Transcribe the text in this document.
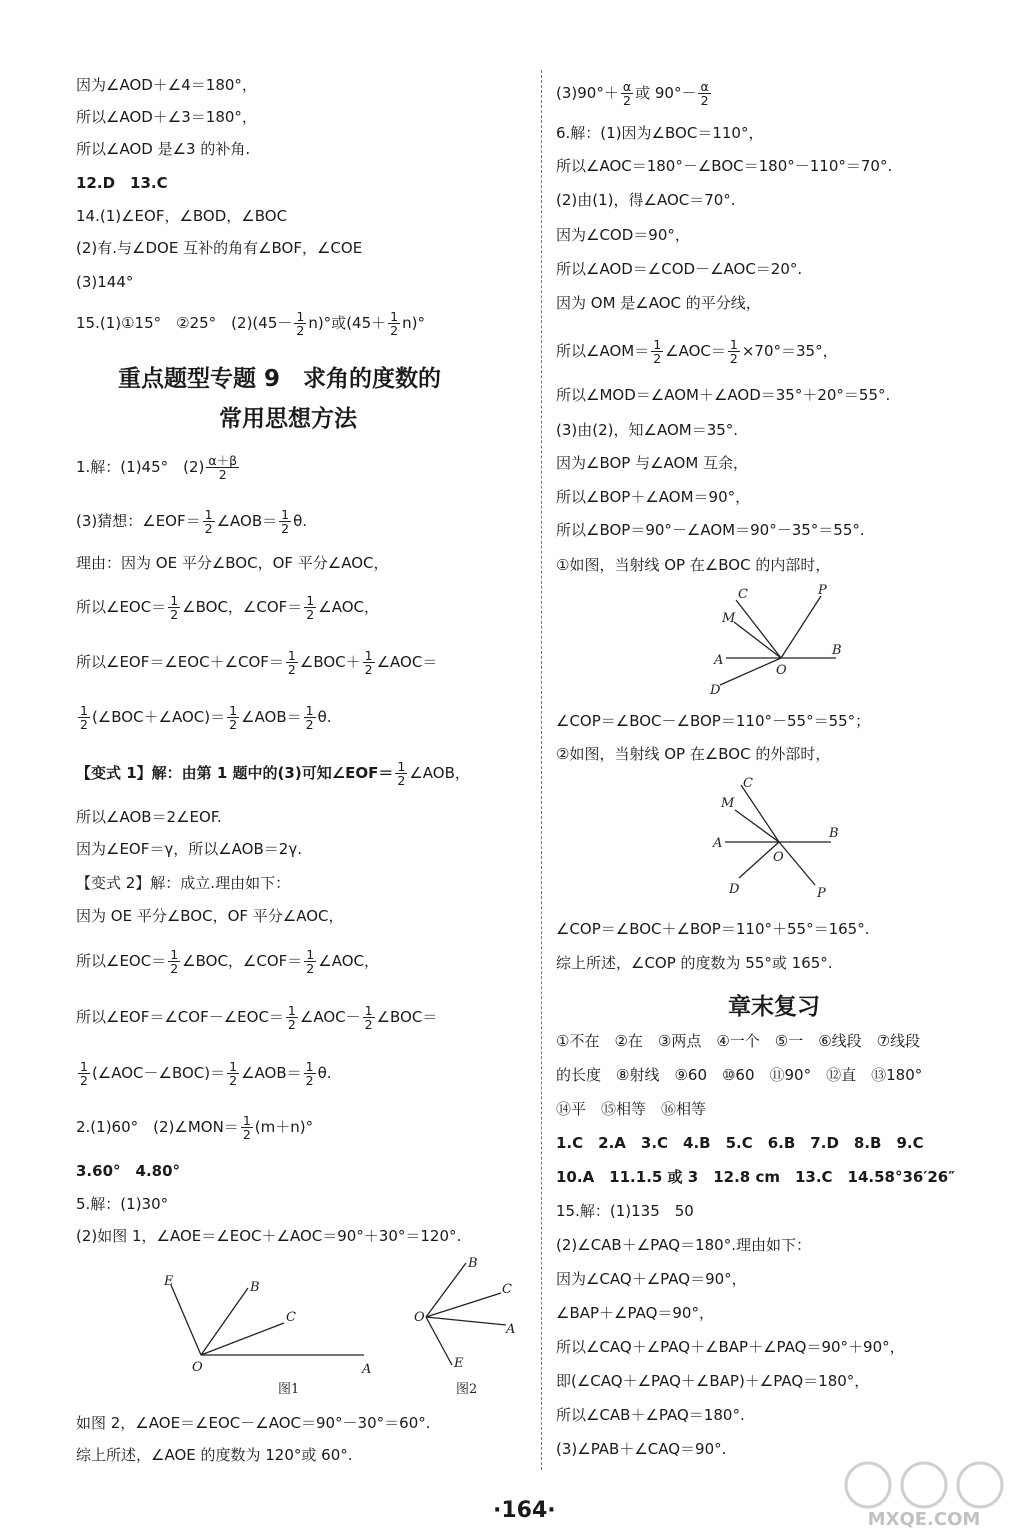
因为∠AOD＋∠4＝180°，
所以∠AOD＋∠3＝180°，
所以∠AOD 是∠3 的补角.
12.D　13.C
14.(1)∠EOF，∠BOD，∠BOC
(2)有.与∠DOE 互补的角有∠BOF，∠COE
(3)144°
15.(1)①15°　②25°　$(2)(45- \frac{1}{2} n)^\circ$或$(45+ \frac{1}{2} n)^\circ$
重点题型专题 9　求角的度数的
常用思想方法
1.解：(1)45°　$(2) \frac{\alpha+\beta}{2}$
(3)猜想：∠EOF＝ $\frac{1}{2}$ ∠AOB＝ $\frac{1}{2} \theta$.
理由：因为 OE 平分∠BOC，OF 平分∠AOC，
所以∠EOC＝ $\frac{1}{2}$ ∠BOC，∠COF＝ $\frac{1}{2}$ ∠AOC，
所以∠EOF＝∠EOC＋∠COF＝ $\frac{1}{2}$ ∠BOC＋ $\frac{1}{2}$ ∠AOC＝
$\frac{1}{2}$ (∠BOC＋∠AOC)＝ $\frac{1}{2}$ ∠AOB＝ $\frac{1}{2} \theta$.
【变式 1】解：由第 1 题中的(3)可知∠EOF＝ $\frac{1}{2}$ ∠AOB，
所以∠AOB＝2∠EOF.
因为∠EOF＝γ，所以∠AOB＝2γ.
【变式 2】解：成立.理由如下：
因为 OE 平分∠BOC，OF 平分∠AOC，
所以∠EOC＝ $\frac{1}{2}$ ∠BOC，∠COF＝ $\frac{1}{2}$ ∠AOC，
所以∠EOF＝∠COF－∠EOC＝ $\frac{1}{2}$ ∠AOC－ $\frac{1}{2}$ ∠BOC＝
$\frac{1}{2}$ (∠AOC－∠BOC)＝ $\frac{1}{2}$ ∠AOB＝ $\frac{1}{2} \theta$.
2.(1)60°　(2)∠MON＝ $\frac{1}{2} (m+n)^\circ$
3.60°　4.80°
5.解：(1)30°
(2)如图 1，∠AOE＝∠EOC＋∠AOC＝90°＋30°＝120°.
E	B
C
O	A
图1
B
C
A
O
E
图2
如图 2，∠AOE＝∠EOC－∠AOC＝90°－30°＝60°.
综上所述，∠AOE 的度数为 120°或 60°.
$(3)90^\circ+ \frac{\alpha}{2}$ 或 $90^\circ- \frac{\alpha}{2}$
6.解：(1)因为∠BOC＝110°，
所以∠AOC＝180°－∠BOC＝180°－110°＝70°.
(2)由(1)，得∠AOC＝70°.
因为∠COD＝90°，
所以∠AOD＝∠COD－∠AOC＝20°.
因为 OM 是∠AOC 的平分线，
所以∠AOM＝ $\frac{1}{2}$ ∠AOC＝ $\frac{1}{2} \times 70^\circ=35^\circ$，
所以∠MOD＝∠AOM＋∠AOD＝35°＋20°＝55°.
(3)由(2)，知∠AOM＝35°.
因为∠BOP 与∠AOM 互余，
所以∠BOP＋∠AOM＝90°，
所以∠BOP＝90°－∠AOM＝90°－35°＝55°.
①如图，当射线 OP 在∠BOC 的内部时，
C
M
P
A
B
O
D
∠COP＝∠BOC－∠BOP＝110°－55°＝55°；
②如图，当射线 OP 在∠BOC 的外部时，
C
M
B
A
O
D	P
∠COP＝∠BOC＋∠BOP＝110°＋55°＝165°.
综上所述，∠COP 的度数为 55°或 165°.
章末复习
①不在　②在　③两点　④一个　⑤一　⑥线段　⑦线段
的长度　⑧射线　⑨60　⑩60　⑪90°　⑫直　⑬180°
⑭平　⑮相等　⑯相等
1.C　2.A　3.C　4.B　5.C　6.B　7.D　8.B　9.C
10.A　11.1.5 或 3　12.8 cm　13.C　14.58°36′26″
15.解：(1)135　50
(2)∠CAB＋∠PAQ＝180°.理由如下：
因为∠CAQ＋∠PAQ＝90°，
∠BAP＋∠PAQ＝90°，
所以∠CAQ＋∠PAQ＋∠BAP＋∠PAQ＝90°＋90°，
即(∠CAQ＋∠PAQ＋∠BAP)＋∠PAQ＝180°，
所以∠CAB＋∠PAQ＝180°.
(3)∠PAB＋∠CAQ＝90°.
·164·	MXQE.COM
